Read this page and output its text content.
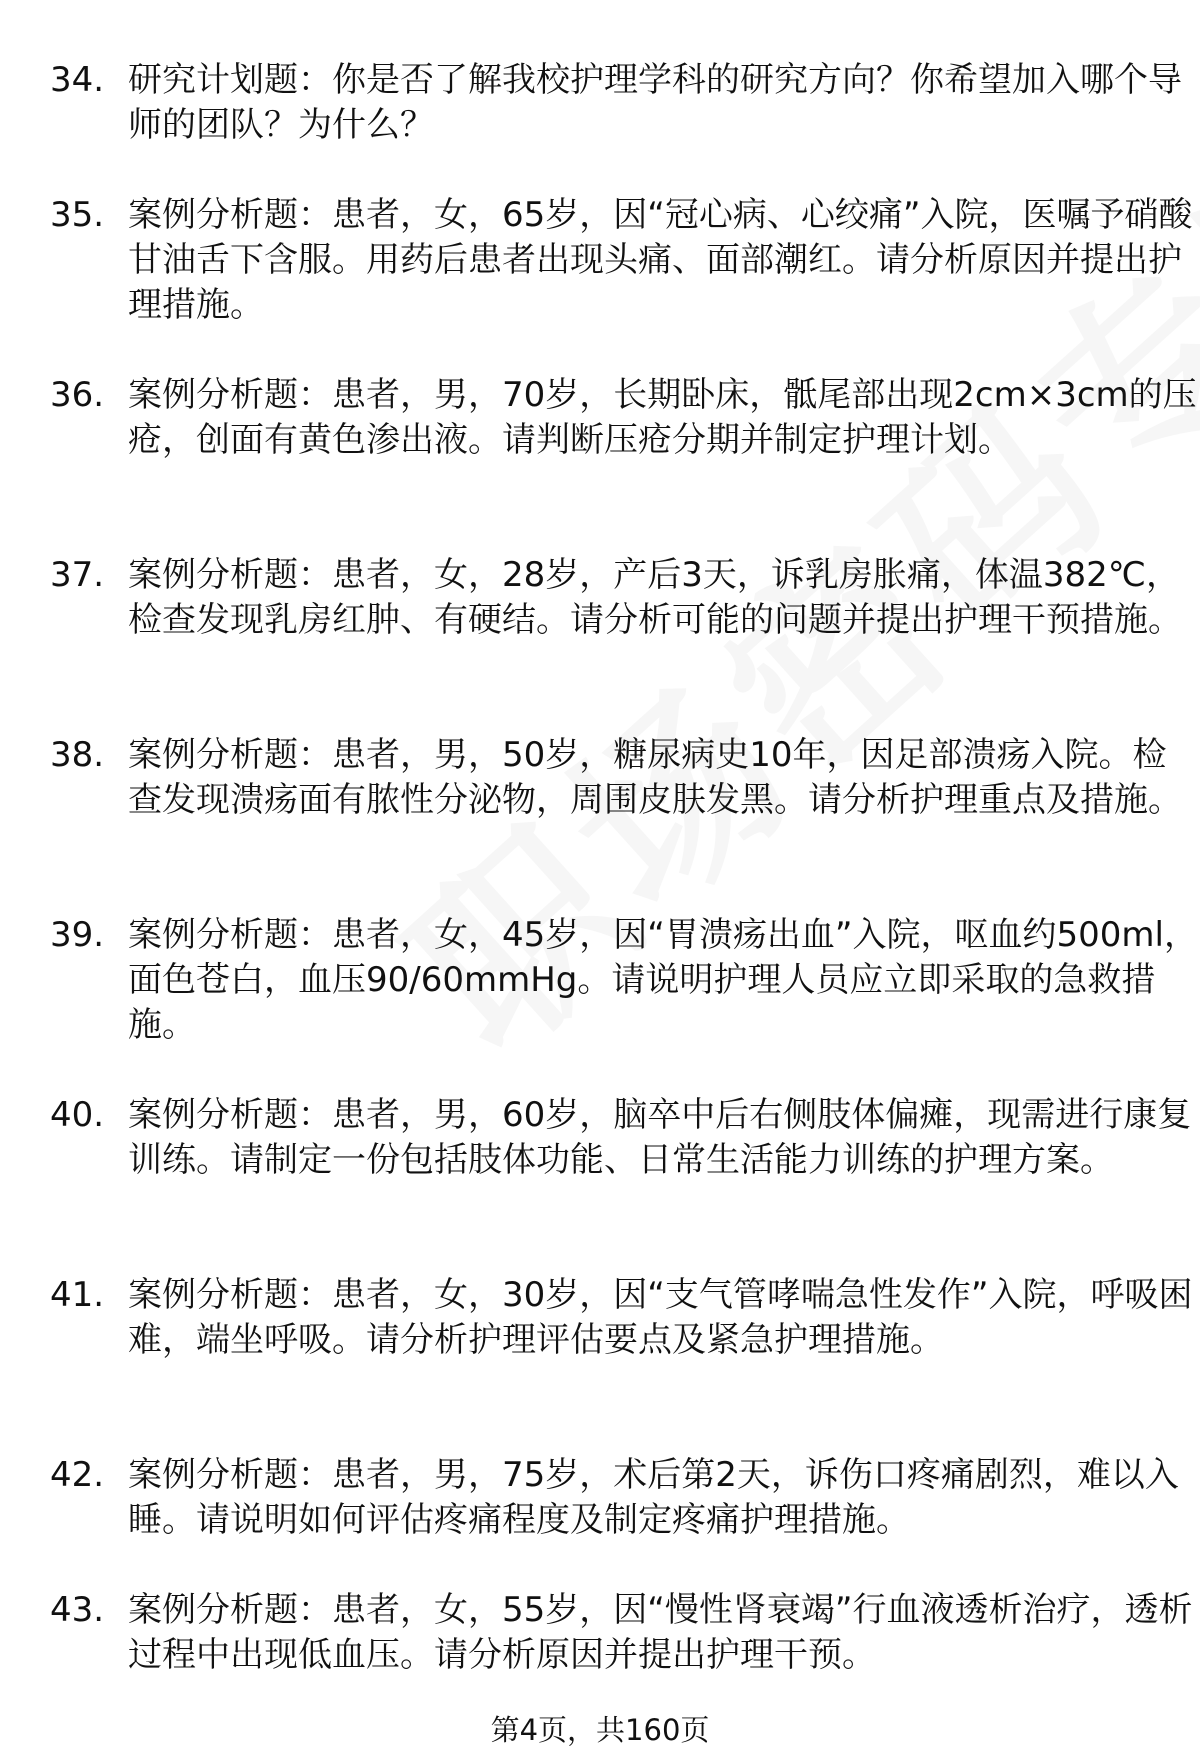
34. 研究计划题：你是否了解我校护理学科的研究方向？你希望加入哪个导师的团队？为什么？
35. 案例分析题：患者，女，65岁，因“冠心病、心绞痛”入院，医嘱予硝酸甘油舌下含服。用药后患者出现头痛、面部潮红。请分析原因并提出护理措施。
36. 案例分析题：患者，男，70岁，长期卧床，骶尾部出现2cm×3cm的压疮，创面有黄色渗出液。请判断压疮分期并制定护理计划。
37. 案例分析题：患者，女，28岁，产后3天，诉乳房胀痛，体温382℃，检查发现乳房红肿、有硬结。请分析可能的问题并提出护理干预措施。
38. 案例分析题：患者，男，50岁，糖尿病史10年，因足部溃疡入院。检查发现溃疡面有脓性分泌物，周围皮肤发黑。请分析护理重点及措施。
39. 案例分析题：患者，女，45岁，因“胃溃疡出血”入院，呕血约500ml，面色苍白，血压90/60mmHg。请说明护理人员应立即采取的急救措施。
40. 案例分析题：患者，男，60岁，脑卒中后右侧肢体偏瘫，现需进行康复训练。请制定一份包括肢体功能、日常生活能力训练的护理方案。
41. 案例分析题：患者，女，30岁，因“支气管哮喘急性发作”入院，呼吸困难，端坐呼吸。请分析护理评估要点及紧急护理措施。
42. 案例分析题：患者，男，75岁，术后第2天，诉伤口疼痛剧烈，难以入睡。请说明如何评估疼痛程度及制定疼痛护理措施。
43. 案例分析题：患者，女，55岁，因“慢性肾衰竭”行血液透析治疗，透析过程中出现低血压。请分析原因并提出护理干预。
第4页，共160页
